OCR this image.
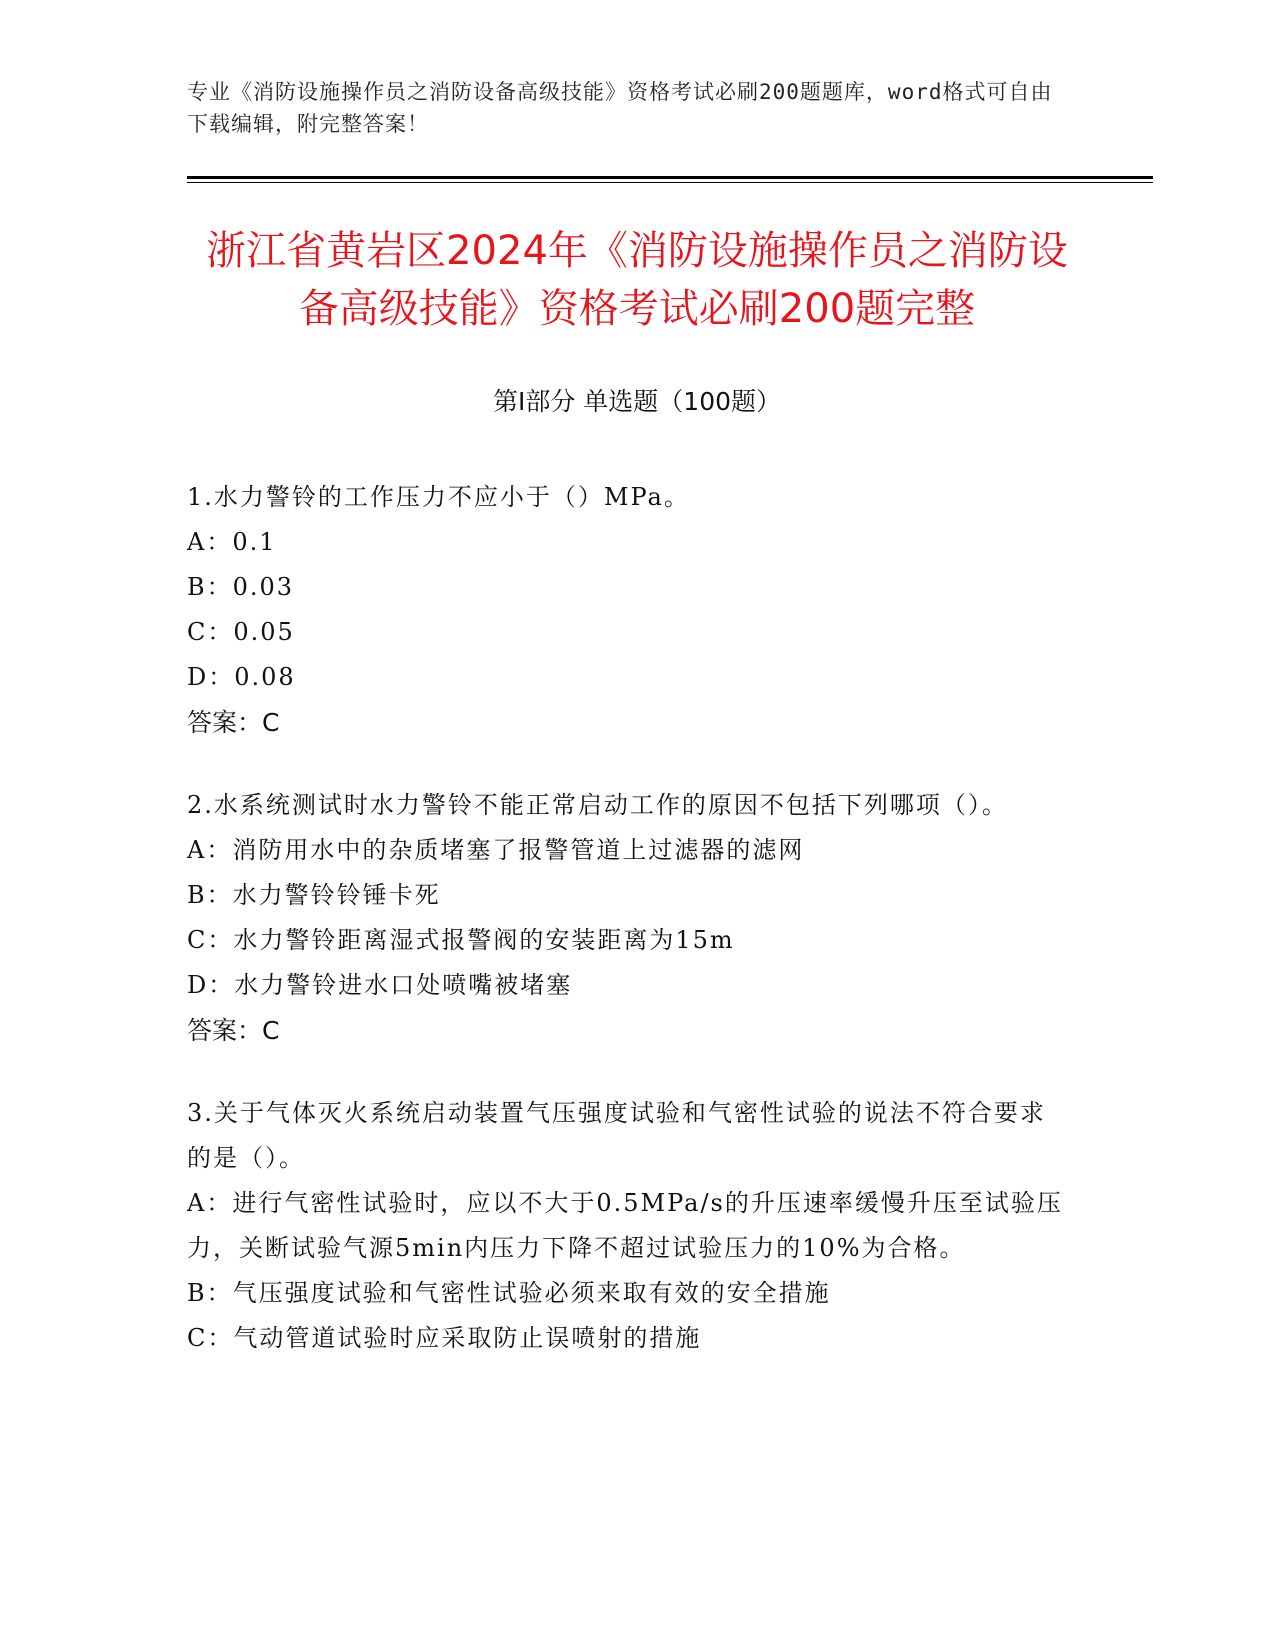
专业《消防设施操作员之消防设备高级技能》资格考试必刷200题题库，word格式可自由下载编辑，附完整答案！
浙江省黄岩区2024年《消防设施操作员之消防设备高级技能》资格考试必刷200题完整
第Ⅰ部分 单选题（100题）

1.水力警铃的工作压力不应小于（）MPa。

A：0.1

B：0.03

C：0.05

D：0.08

答案：C

2.水系统测试时水力警铃不能正常启动工作的原因不包括下列哪项（）。

A：消防用水中的杂质堵塞了报警管道上过滤器的滤网

B：水力警铃铃锤卡死

C：水力警铃距离湿式报警阀的安装距离为15m

D：水力警铃进水口处喷嘴被堵塞

答案：C

3.关于气体灭火系统启动装置气压强度试验和气密性试验的说法不符合要求的是（）。

A：进行气密性试验时，应以不大于0.5MPa/s的升压速率缓慢升压至试验压力，关断试验气源5min内压力下降不超过试验压力的10%为合格。

B：气压强度试验和气密性试验必须来取有效的安全措施

C：气动管道试验时应采取防止误喷射的措施
